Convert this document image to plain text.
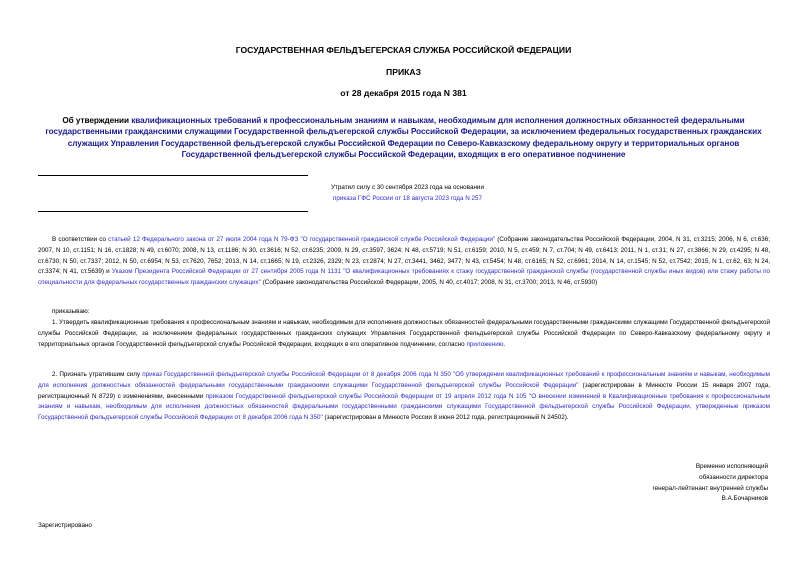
ГОСУДАРСТВЕННАЯ ФЕЛЬДЪЕГЕРСКАЯ СЛУЖБА РОССИЙСКОЙ ФЕДЕРАЦИИ
ПРИКАЗ
от 28 декабря 2015 года N 381
Об утверждении квалификационных требований к профессиональным знаниям и навыкам, необходимым для исполнения должностных обязанностей федеральными государственными гражданскими служащими Государственной фельдъегерской службы Российской Федерации, за исключением федеральных государственных гражданских служащих Управления Государственной фельдъегерской службы Российской Федерации по Северо-Кавказскому федеральному округу и территориальных органов Государственной фельдъегерской службы Российской Федерации, входящих в его оперативное подчинение
Утратил силу с 30 сентября 2023 года на основании
приказа ГФС России от 18 августа 2023 года N 257
В соответствии со статьей 12 Федерального закона от 27 июля 2004 года N 79-ФЗ "О государственной гражданской службе Российской Федерации" (Собрание законодательства Российской Федерации, 2004, N 31, ст.3215; 2006, N 6, ст.636; 2007, N 10, ст.1151; N 16, ст.1828; N 49, ст.6070; 2008, N 13, ст.1186; N 30, ст.3616; N 52, ст.6235; 2009, N 29, ст.3597, 3624; N 48, ст.5719; N 51, ст.6159; 2010, N 5, ст.459; N 7, ст.704; N 49, ст.6413; 2011, N 1, ст.31; N 27, ст.3866; N 29, ст.4295; N 48, ст.6730; N 50, ст.7337; 2012, N 50, ст.6954; N 53, ст.7620, 7652; 2013, N 14, ст.1665; N 19, ст.2326, 2329; N 23, ст.2874; N 27, ст.3441, 3462, 3477; N 43, ст.5454; N 48, ст.6165; N 52, ст.6961; 2014, N 14, ст.1545; N 52, ст.7542; 2015, N 1, ст.62, 63; N 24, ст.3374; N 41, ст.5639) и Указом Президента Российской Федерации от 27 сентября 2005 года N 1131 "О квалификационных требованиях к стажу государственной гражданской службы (государственной службы иных видов) или стажу работы по специальности для федеральных государственных гражданских служащих" (Собрание законодательства Российской Федерации, 2005, N 40, ст.4017; 2008, N 31, ст.3700; 2013, N 46, ст.5930)
приказываю:
1. Утвердить квалификационные требования к профессиональным знаниям и навыкам, необходимым для исполнения должностных обязанностей федеральными государственными гражданскими служащими Государственной фельдъегерской службы Российской Федерации, за исключением федеральных государственных гражданских служащих Управления Государственной фельдъегерской службы Российской Федерации по Северо-Кавказскому федеральному округу и территориальных органов Государственной фельдъегерской службы Российской Федерации, входящих в его оперативное подчинение, согласно приложению.
2. Признать утратившим силу приказ Государственной фельдъегерской службы Российской Федерации от 8 декабря 2006 года N 350 "Об утверждении квалификационных требований к профессиональным знаниям и навыкам, необходимым для исполнения должностных обязанностей федеральными государственными гражданскими служащими Государственной фельдъегерской службы Российской Федерации" (зарегистрирован в Минюсте России 15 января 2007 года, регистрационный N 8729) с изменениями, внесенными приказом Государственной фельдъегерской службы Российской Федерации от 19 апреля 2012 года N 105 "О внесении изменений в Квалификационные требования к профессиональным знаниям и навыкам, необходимым для исполнения должностных обязанностей федеральными государственными гражданскими служащими Государственной фельдъегерской службы Российской Федерации, утвержденные приказом Государственной фельдъегерской службы Российской Федерации от 8 декабря 2006 года N 350" (зарегистрирован в Минюсте России 8 июня 2012 года, регистрационный N 24502).
Временно исполняющий
обязанности директора
генерал-лейтенант внутренней службы
В.А.Бочарников
Зарегистрировано
